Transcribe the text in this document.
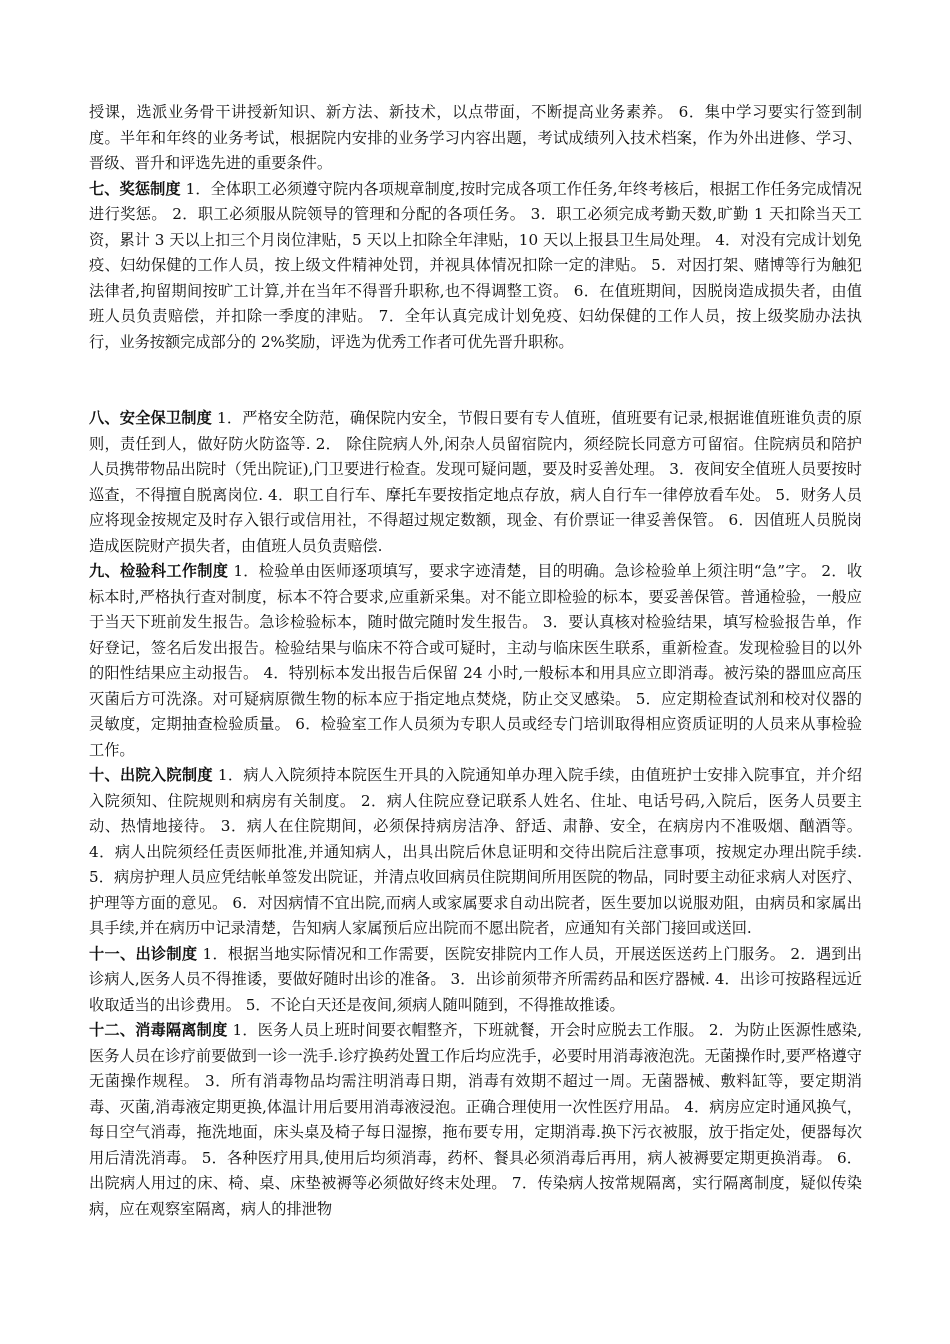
授课，选派业务骨干讲授新知识、新方法、新技术，以点带面，不断提高业务素养。 6．集中学习要实行签到制度。半年和年终的业务考试，根据院内安排的业务学习内容出题，考试成绩列入技术档案，作为外出进修、学习、晋级、晋升和评选先进的重要条件。

七、奖惩制度 1．全体职工必须遵守院内各项规章制度,按时完成各项工作任务,年终考核后，根据工作任务完成情况进行奖惩。 2．职工必须服从院领导的管理和分配的各项任务。 3．职工必须完成考勤天数,旷勤 1 天扣除当天工资，累计 3 天以上扣三个月岗位津贴，5 天以上扣除全年津贴，10 天以上报县卫生局处理。 4．对没有完成计划免疫、妇幼保健的工作人员，按上级文件精神处罚，并视具体情况扣除一定的津贴。 5．对因打架、赌博等行为触犯法律者,拘留期间按旷工计算,并在当年不得晋升职称,也不得调整工资。 6．在值班期间，因脱岗造成损失者，由值班人员负责赔偿，并扣除一季度的津贴。 7．全年认真完成计划免疫、妇幼保健的工作人员，按上级奖励办法执行，业务按额完成部分的 2%奖励，评选为优秀工作者可优先晋升职称。

八、安全保卫制度 1．严格安全防范，确保院内安全，节假日要有专人值班，值班要有记录,根据谁值班谁负责的原则，责任到人，做好防火防盗等. 2． 除住院病人外,闲杂人员留宿院内，须经院长同意方可留宿。住院病员和陪护人员携带物品出院时（凭出院证),门卫要进行检查。发现可疑问题，要及时妥善处理。 3．夜间安全值班人员要按时巡查，不得擅自脱离岗位. 4．职工自行车、摩托车要按指定地点存放，病人自行车一律停放看车处。 5．财务人员应将现金按规定及时存入银行或信用社，不得超过规定数额，现金、有价票证一律妥善保管。 6．因值班人员脱岗造成医院财产损失者，由值班人员负责赔偿.

九、检验科工作制度 1．检验单由医师逐项填写，要求字迹清楚，目的明确。急诊检验单上须注明“急”字。 2．收标本时,严格执行查对制度，标本不符合要求,应重新采集。对不能立即检验的标本，要妥善保管。普通检验，一般应于当天下班前发生报告。急诊检验标本，随时做完随时发生报告。 3．要认真核对检验结果，填写检验报告单，作好登记，签名后发出报告。检验结果与临床不符合或可疑时，主动与临床医生联系，重新检查。发现检验目的以外的阳性结果应主动报告。 4．特别标本发出报告后保留 24 小时,一般标本和用具应立即消毒。被污染的器皿应高压灭菌后方可洗涤。对可疑病原微生物的标本应于指定地点焚烧，防止交叉感染。 5．应定期检查试剂和校对仪器的灵敏度，定期抽查检验质量。 6．检验室工作人员须为专职人员或经专门培训取得相应资质证明的人员来从事检验工作。

十、出院入院制度 1．病人入院须持本院医生开具的入院通知单办理入院手续，由值班护士安排入院事宜，并介绍入院须知、住院规则和病房有关制度。 2．病人住院应登记联系人姓名、住址、电话号码,入院后，医务人员要主动、热情地接待。 3．病人在住院期间，必须保持病房洁净、舒适、肃静、安全，在病房内不准吸烟、酗酒等。 4．病人出院须经任责医师批准,并通知病人，出具出院后休息证明和交待出院后注意事项，按规定办理出院手续. 5．病房护理人员应凭结帐单签发出院证，并清点收回病员住院期间所用医院的物品，同时要主动征求病人对医疗、护理等方面的意见。 6．对因病情不宜出院,而病人或家属要求自动出院者，医生要加以说服劝阻，由病员和家属出具手续,并在病历中记录清楚，告知病人家属预后应出院而不愿出院者，应通知有关部门接回或送回.

十一、出诊制度 1．根据当地实际情况和工作需要，医院安排院内工作人员，开展送医送药上门服务。 2．遇到出诊病人,医务人员不得推诿，要做好随时出诊的准备。 3．出诊前须带齐所需药品和医疗器械. 4．出诊可按路程远近收取适当的出诊费用。 5．不论白天还是夜间,须病人随叫随到，不得推故推诿。

十二、消毒隔离制度 1．医务人员上班时间要衣帽整齐，下班就餐，开会时应脱去工作服。 2．为防止医源性感染,医务人员在诊疗前要做到一诊一洗手.诊疗换药处置工作后均应洗手，必要时用消毒液泡洗。无菌操作时,要严格遵守无菌操作规程。 3．所有消毒物品均需注明消毒日期，消毒有效期不超过一周。无菌器械、敷料缸等，要定期消毒、灭菌,消毒液定期更换,体温计用后要用消毒液浸泡。正确合理使用一次性医疗用品。 4．病房应定时通风换气，每日空气消毒，拖洗地面，床头桌及椅子每日湿擦，拖布要专用，定期消毒.换下污衣被服，放于指定处，便器每次用后清洗消毒。 5．各种医疗用具,使用后均须消毒，药杯、餐具必须消毒后再用，病人被褥要定期更换消毒。 6．出院病人用过的床、椅、桌、床垫被褥等必须做好终末处理。 7．传染病人按常规隔离，实行隔离制度，疑似传染病，应在观察室隔离，病人的排泄物
